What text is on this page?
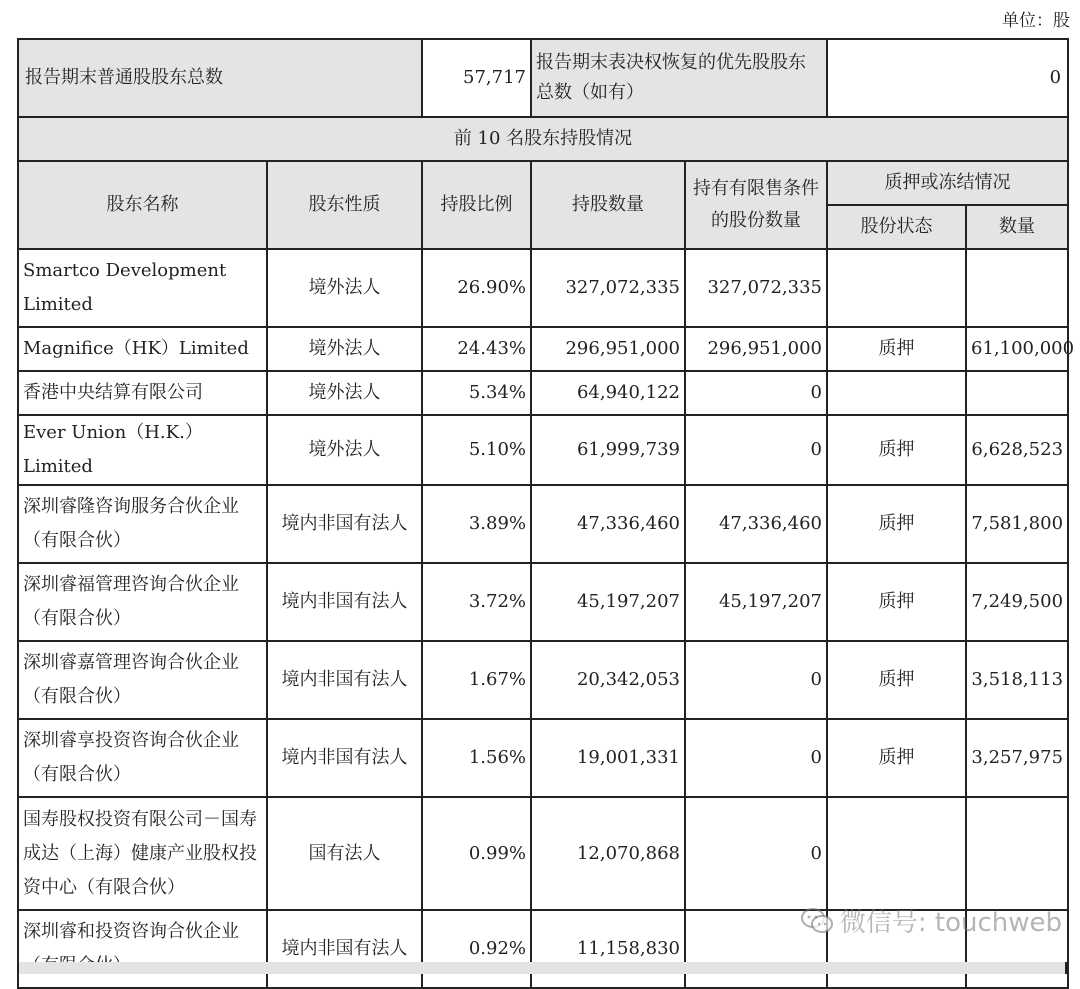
单位：股
报告期末普通股股东总数		57,717	报告期末表决权恢复的优先股股东总数（如有）		0	
前 10 名股东持股情况						
股东名称	股东性质	持股比例	持股数量	持有有限售条件的股份数量	质押或冻结情况	
					股份状态	数量
Smartco Development Limited	境外法人	26.90%	327,072,335	327,072,335		
Magnifice（HK）Limited	境外法人	24.43%	296,951,000	296,951,000	质押	61,100,000
香港中央结算有限公司	境外法人	5.34%	64,940,122	0		
Ever Union（H.K.）Limited	境外法人	5.10%	61,999,739	0	质押	6,628,523
深圳睿隆咨询服务合伙企业（有限合伙）	境内非国有法人	3.89%	47,336,460	47,336,460	质押	7,581,800
深圳睿福管理咨询合伙企业（有限合伙）	境内非国有法人	3.72%	45,197,207	45,197,207	质押	7,249,500
深圳睿嘉管理咨询合伙企业（有限合伙）	境内非国有法人	1.67%	20,342,053	0	质押	3,518,113
深圳睿享投资咨询合伙企业（有限合伙）	境内非国有法人	1.56%	19,001,331	0	质押	3,257,975
国寿股权投资有限公司－国寿成达（上海）健康产业股权投资中心（有限合伙）	国有法人	0.99%	12,070,868	0		
深圳睿和投资咨询合伙企业	境内非国有法人	0.92%	11,158,830			
微信号: touchweb
